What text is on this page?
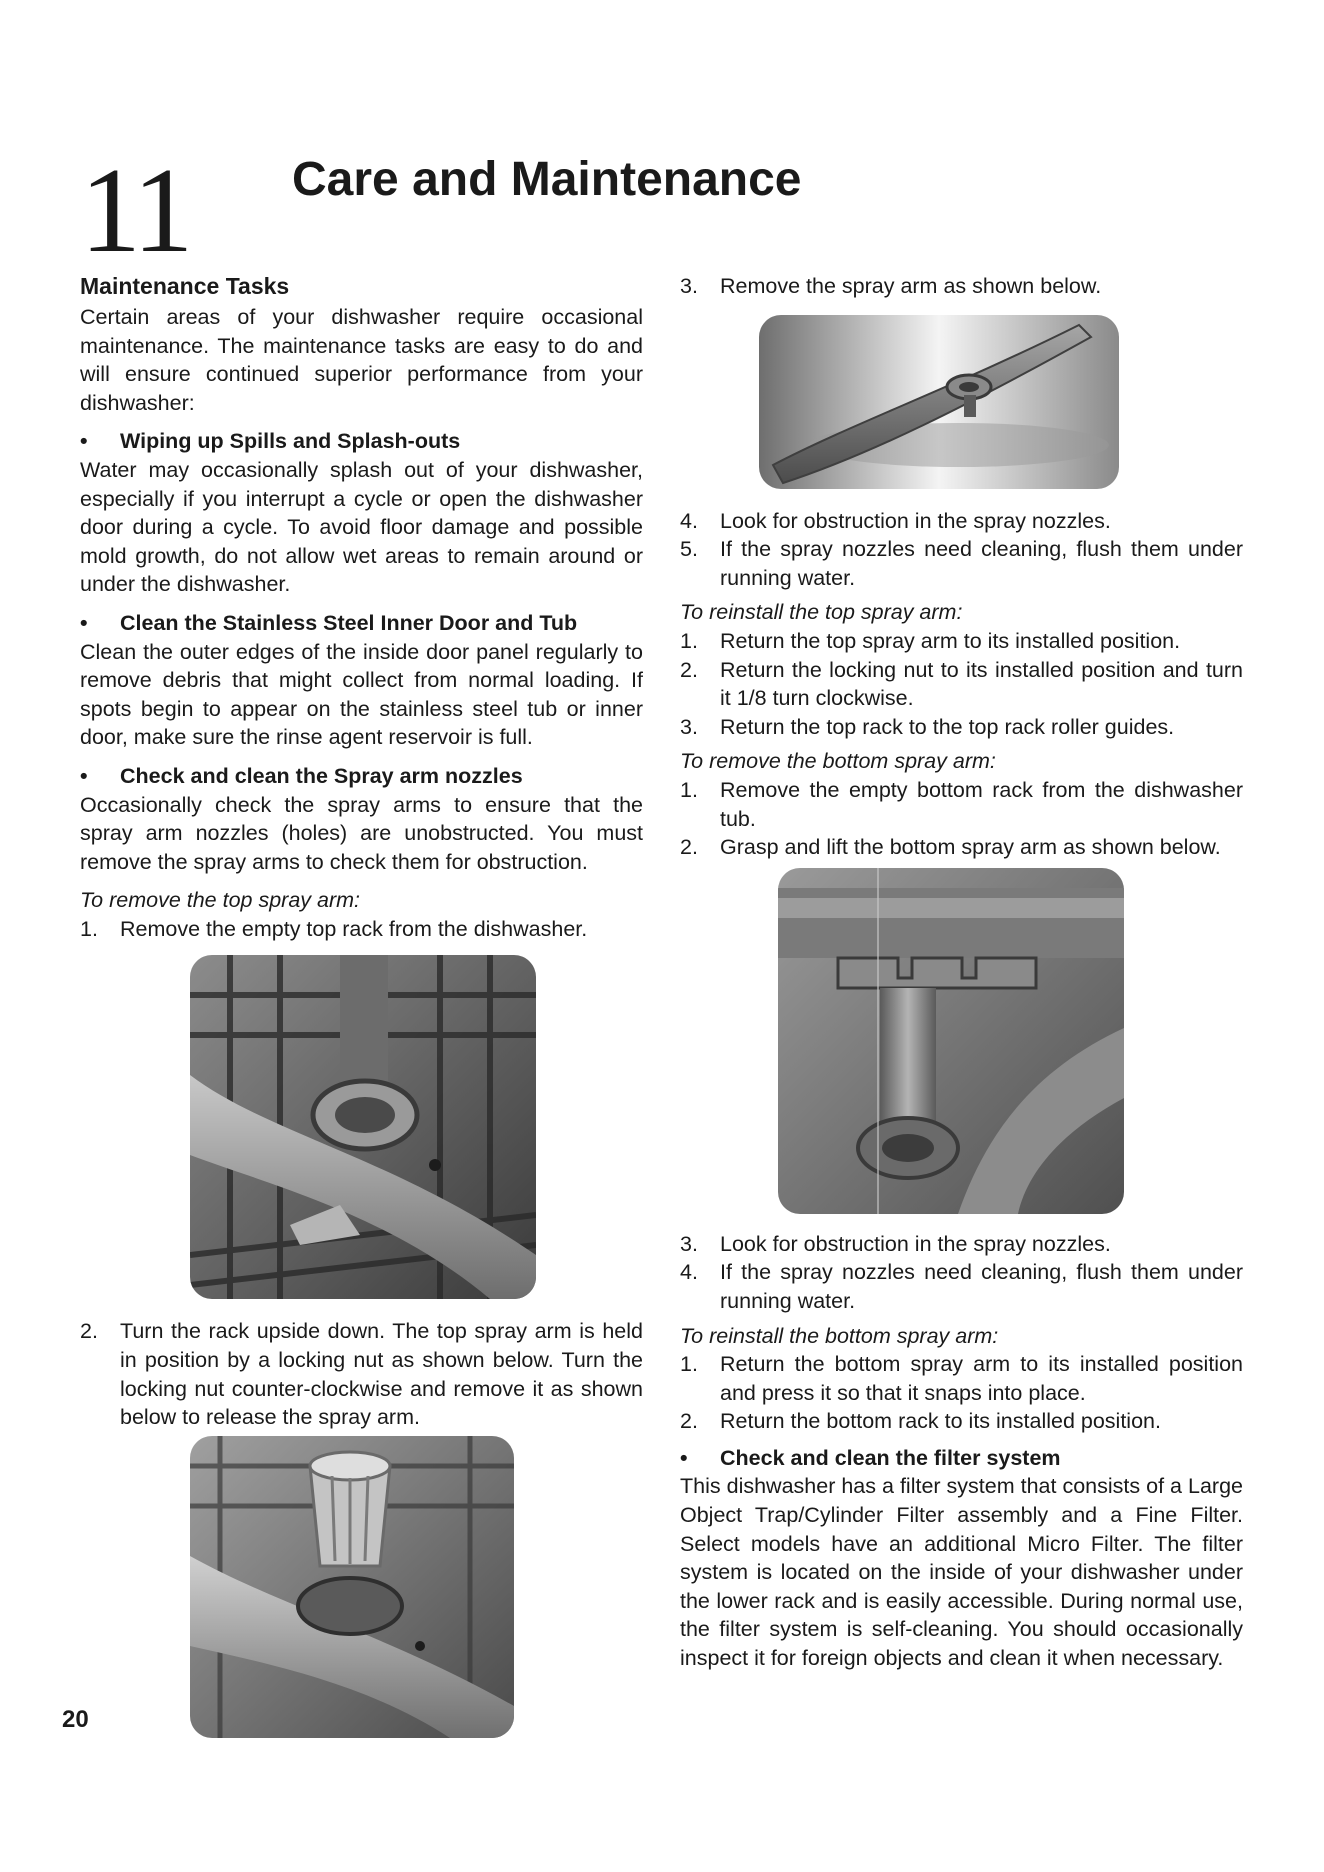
11 Care and Maintenance
Maintenance Tasks

Certain areas of your dishwasher require occasional maintenance. The maintenance tasks are easy to do and will ensure continued superior performance from your dishwasher:

•	Wiping up Spills and Splash-outs

Water may occasionally splash out of your dishwasher, especially if you interrupt a cycle or open the dishwasher door during a cycle. To avoid floor damage and possible mold growth, do not allow wet areas to remain around or under the dishwasher.

•	Clean the Stainless Steel Inner Door and Tub

Clean the outer edges of the inside door panel regularly to remove debris that might collect from normal loading. If spots begin to appear on the stainless steel tub or inner door, make sure the rinse agent reservoir is full.

•	Check and clean the Spray arm nozzles

Occasionally check the spray arms to ensure that the spray arm nozzles (holes) are unobstructed. You must remove the spray arms to check them for obstruction.

To remove the top spray arm:
1.	Remove the empty top rack from the dishwasher.
2.	Turn the rack upside down. The top spray arm is held in position by a locking nut as shown below. Turn the locking nut counter-clockwise and remove it as shown below to release the spray arm.
3.	Remove the spray arm as shown below.
4.	Look for obstruction in the spray nozzles.
5.	If the spray nozzles need cleaning, flush them under running water.
To reinstall the top spray arm:
1.	Return the top spray arm to its installed position.
2.	Return the locking nut to its installed position and turn it 1/8 turn clockwise.
3.	Return the top rack to the top rack roller guides.
To remove the bottom spray arm:
1.	Remove the empty bottom rack from the dishwasher tub.
2.	Grasp and lift the bottom spray arm as shown below.
3.	Look for obstruction in the spray nozzles.
4.	If the spray nozzles need cleaning, flush them under running water.
To reinstall the bottom spray arm:
1.	Return the bottom spray arm to its installed position and press it so that it snaps into place.
2.	Return the bottom rack to its installed position.
•	Check and clean the filter system

This dishwasher has a filter system that consists of a Large Object Trap/Cylinder Filter assembly and a Fine Filter. Select models have an additional Micro Filter. The filter system is located on the inside of your dishwasher under the lower rack and is easily accessible. During normal use, the filter system is self-cleaning. You should occasionally inspect it for foreign objects and clean it when necessary.

20
